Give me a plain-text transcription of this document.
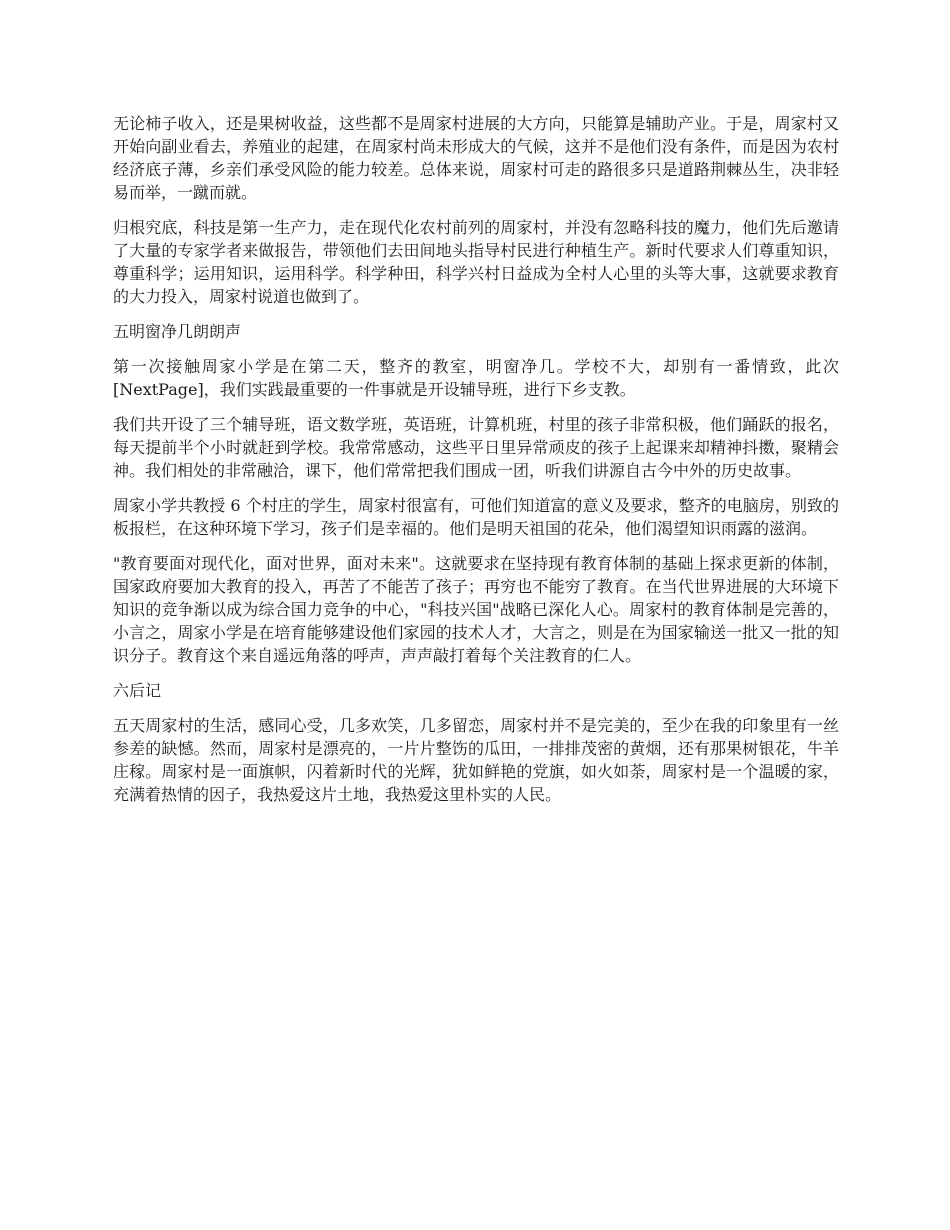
无论柿子收入，还是果树收益，这些都不是周家村进展的大方向，只能算是辅助产业。于是，周家村又开始向副业看去，养殖业的起建，在周家村尚未形成大的气候，这并不是他们没有条件，而是因为农村经济底子薄，乡亲们承受风险的能力较差。总体来说，周家村可走的路很多只是道路荆棘丛生，决非轻易而举，一蹴而就。

归根究底，科技是第一生产力，走在现代化农村前列的周家村，并没有忽略科技的魔力，他们先后邀请了大量的专家学者来做报告，带领他们去田间地头指导村民进行种植生产。新时代要求人们尊重知识，尊重科学；运用知识，运用科学。科学种田，科学兴村日益成为全村人心里的头等大事，这就要求教育的大力投入，周家村说道也做到了。

五明窗净几朗朗声

第一次接触周家小学是在第二天，整齐的教室，明窗净几。学校不大，却别有一番情致，此次[NextPage]，我们实践最重要的一件事就是开设辅导班，进行下乡支教。

我们共开设了三个辅导班，语文数学班，英语班，计算机班，村里的孩子非常积极，他们踊跃的报名，每天提前半个小时就赶到学校。我常常感动，这些平日里异常顽皮的孩子上起课来却精神抖擞，聚精会神。我们相处的非常融洽，课下，他们常常把我们围成一团，听我们讲源自古今中外的历史故事。

周家小学共教授 6 个村庄的学生，周家村很富有，可他们知道富的意义及要求，整齐的电脑房，别致的板报栏，在这种环境下学习，孩子们是幸福的。他们是明天祖国的花朵，他们渴望知识雨露的滋润。

"教育要面对现代化，面对世界，面对未来"。这就要求在坚持现有教育体制的基础上探求更新的体制，国家政府要加大教育的投入，再苦了不能苦了孩子；再穷也不能穷了教育。在当代世界进展的大环境下知识的竞争渐以成为综合国力竞争的中心，"科技兴国"战略已深化人心。周家村的教育体制是完善的，小言之，周家小学是在培育能够建设他们家园的技术人才，大言之，则是在为国家输送一批又一批的知识分子。教育这个来自遥远角落的呼声，声声敲打着每个关注教育的仁人。

六后记

五天周家村的生活，感同心受，几多欢笑，几多留恋，周家村并不是完美的，至少在我的印象里有一丝参差的缺憾。然而，周家村是漂亮的，一片片整饬的瓜田，一排排茂密的黄烟，还有那果树银花，牛羊庄稼。周家村是一面旗帜，闪着新时代的光辉，犹如鲜艳的党旗，如火如荼，周家村是一个温暖的家，充满着热情的因子，我热爱这片土地，我热爱这里朴实的人民。
